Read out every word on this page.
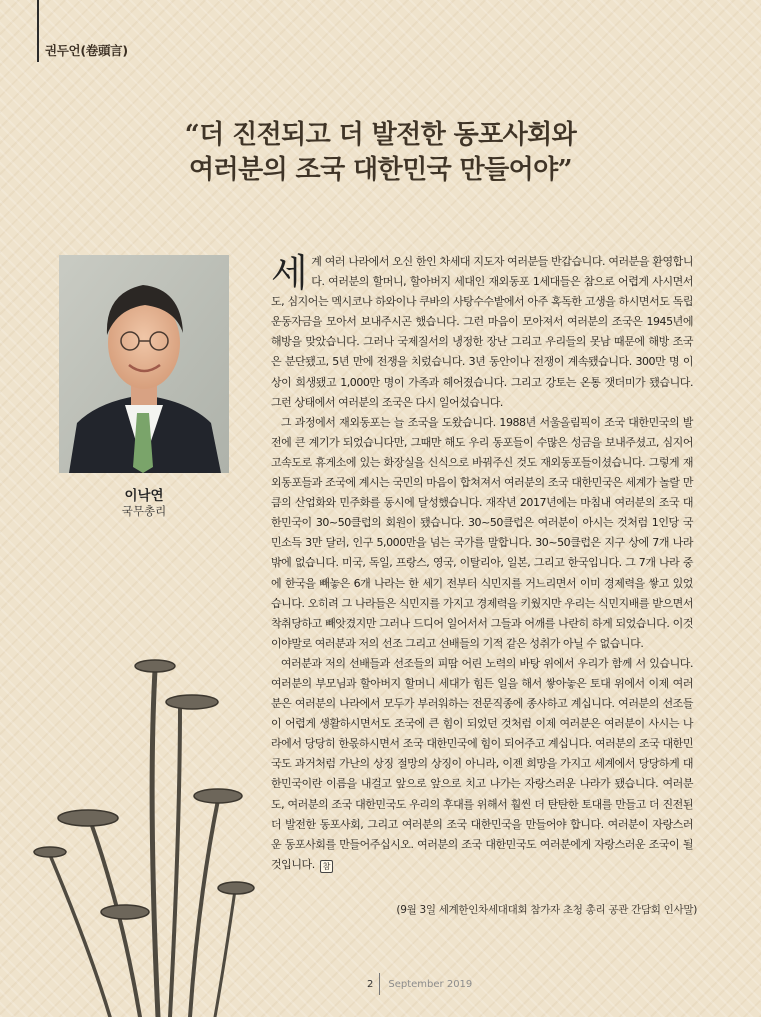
권두언(卷頭言)
“더 진전되고 더 발전한 동포사회와
여러분의 조국 대한민국 만들어야”
이낙연
국무총리

세계 여러 나라에서 오신 한인 차세대 지도자 여러분들 반갑습니다. 여러분을 환영합니다. 여러분의 할머니, 할아버지 세대인 재외동포 1세대들은 참으로 어렵게 사시면서도, 심지어는 멕시코나 하와이나 쿠바의 사탕수수밭에서 아주 혹독한 고생을 하시면서도 독립운동자금을 모아서 보내주시곤 했습니다. 그런 마음이 모아져서 여러분의 조국은 1945년에 해방을 맞았습니다. 그러나 국제질서의 냉정한 장난 그리고 우리들의 못남 때문에 해방 조국은 분단됐고, 5년 만에 전쟁을 치렀습니다. 3년 동안이나 전쟁이 계속됐습니다. 300만 명 이상이 희생됐고 1,000만 명이 가족과 헤어졌습니다. 그리고 강토는 온통 잿더미가 됐습니다. 그런 상태에서 여러분의 조국은 다시 일어섰습니다.

그 과정에서 재외동포는 늘 조국을 도왔습니다. 1988년 서울올림픽이 조국 대한민국의 발전에 큰 계기가 되었습니다만, 그때만 해도 우리 동포들이 수많은 성금을 보내주셨고, 심지어 고속도로 휴게소에 있는 화장실을 신식으로 바꿔주신 것도 재외동포들이셨습니다. 그렇게 재외동포들과 조국에 계시는 국민의 마음이 합쳐져서 여러분의 조국 대한민국은 세계가 놀랄 만큼의 산업화와 민주화를 동시에 달성했습니다. 재작년 2017년에는 마침내 여러분의 조국 대한민국이 30~50클럽의 회원이 됐습니다. 30~50클럽은 여러분이 아시는 것처럼 1인당 국민소득 3만 달러, 인구 5,000만을 넘는 국가를 말합니다. 30~50클럽은 지구 상에 7개 나라밖에 없습니다. 미국, 독일, 프랑스, 영국, 이탈리아, 일본, 그리고 한국입니다. 그 7개 나라 중에 한국을 빼놓은 6개 나라는 한 세기 전부터 식민지를 거느리면서 이미 경제력을 쌓고 있었습니다. 오히려 그 나라들은 식민지를 가지고 경제력을 키웠지만 우리는 식민지배를 받으면서 착취당하고 빼앗겼지만 그러나 드디어 일어서서 그들과 어깨를 나란히 하게 되었습니다. 이것이야말로 여러분과 저의 선조 그리고 선배들의 기적 같은 성취가 아닐 수 없습니다.

여러분과 저의 선배들과 선조들의 피땀 어린 노력의 바탕 위에서 우리가 함께 서 있습니다. 여러분의 부모님과 할아버지 할머니 세대가 힘든 일을 해서 쌓아놓은 토대 위에서 이제 여러분은 여러분의 나라에서 모두가 부러워하는 전문직종에 종사하고 계십니다. 여러분의 선조들이 어렵게 생활하시면서도 조국에 큰 힘이 되었던 것처럼 이제 여러분은 여러분이 사시는 나라에서 당당히 한몫하시면서 조국 대한민국에 힘이 되어주고 계십니다. 여러분의 조국 대한민국도 과거처럼 가난의 상징 절망의 상징이 아니라, 이젠 희망을 가지고 세계에서 당당하게 대한민국이란 이름을 내걸고 앞으로 앞으로 치고 나가는 자랑스러운 나라가 됐습니다. 여러분도, 여러분의 조국 대한민국도 우리의 후대를 위해서 훨씬 더 탄탄한 토대를 만들고 더 진전된 더 발전한 동포사회, 그리고 여러분의 조국 대한민국을 만들어야 합니다. 여러분이 자랑스러운 동포사회를 만들어주십시오. 여러분의 조국 대한민국도 여러분에게 자랑스러운 조국이 될 것입니다. 참

(9월 3일 세계한인차세대대회 참가자 초청 총리 공관 간담회 인사말)
2 September 2019
